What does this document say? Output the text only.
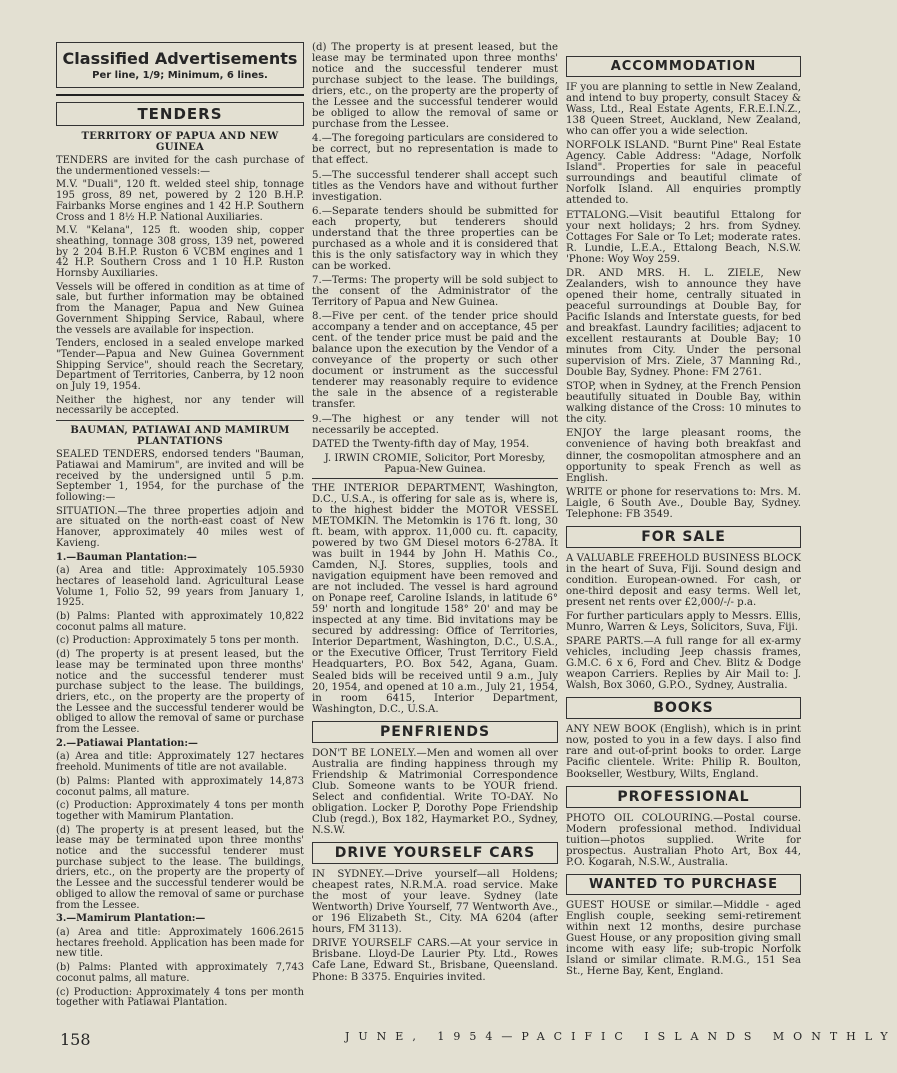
Classified Advertisements
Per line, 1/9; Minimum, 6 lines.
TENDERS
TERRITORY OF PAPUA AND NEW GUINEA

TENDERS are invited for the cash purchase of the undermentioned vessels:—

M.V. "Duali", 120 ft. welded steel ship, tonnage 195 gross, 89 net, powered by 2 120 B.H.P. Fairbanks Morse engines and 1 42 H.P. Southern Cross and 1 8½ H.P. National Auxiliaries.

M.V. "Kelana", 125 ft. wooden ship, copper sheathing, tonnage 308 gross, 139 net, powered by 2 204 B.H.P. Ruston 6 VCBM engines and 1 42 H.P. Southern Cross and 1 10 H.P. Ruston Hornsby Auxiliaries.

Vessels will be offered in condition as at time of sale, but further information may be obtained from the Manager, Papua and New Guinea Government Shipping Service, Rabaul, where the vessels are available for inspection.

Tenders, enclosed in a sealed envelope marked "Tender—Papua and New Guinea Government Shipping Service", should reach the Secretary, Department of Territories, Canberra, by 12 noon on July 19, 1954.

Neither the highest, nor any tender will necessarily be accepted.

BAUMAN, PATIAWAI AND MAMIRUM PLANTATIONS

SEALED TENDERS, endorsed tenders "Bauman, Patiawai and Mamirum", are invited and will be received by the undersigned until 5 p.m. September 1, 1954, for the purchase of the following:—

SITUATION.—The three properties adjoin and are situated on the north-east coast of New Hanover, approximately 40 miles west of Kavieng.

1.—Bauman Plantation:—

(a) Area and title: Approximately 105.5930 hectares of leasehold land. Agricultural Lease Volume 1, Folio 52, 99 years from January 1, 1925.

(b) Palms: Planted with approximately 10,822 coconut palms all mature.

(c) Production: Approximately 5 tons per month.

(d) The property is at present leased, but the lease may be terminated upon three months' notice and the successful tenderer must purchase subject to the lease. The buildings, driers, etc., on the property are the property of the Lessee and the successful tenderer would be obliged to allow the removal of same or purchase from the Lessee.

2.—Patiawai Plantation:—

(a) Area and title: Approximately 127 hectares freehold. Muniments of title are not available.

(b) Palms: Planted with approximately 14,873 coconut palms, all mature.

(c) Production: Approximately 4 tons per month together with Mamirum Plantation.

(d) The property is at present leased, but the lease may be terminated upon three months' notice and the successful tenderer must purchase subject to the lease. The buildings, driers, etc., on the property are the property of the Lessee and the successful tenderer would be obliged to allow the removal of same or purchase from the Lessee.

3.—Mamirum Plantation:—

(a) Area and title: Approximately 1606.2615 hectares freehold. Application has been made for new title.

(b) Palms: Planted with approximately 7,743 coconut palms, all mature.

(c) Production: Approximately 4 tons per month together with Patiawai Plantation.

(d) The property is at present leased, but the lease may be terminated upon three months' notice and the successful tenderer must purchase subject to the lease. The buildings, driers, etc., on the property are the property of the Lessee and the successful tenderer would be obliged to allow the removal of same or purchase from the Lessee.

4.—The foregoing particulars are considered to be correct, but no representation is made to that effect.

5.—The successful tenderer shall accept such titles as the Vendors have and without further investigation.

6.—Separate tenders should be submitted for each property, but tenderers should understand that the three properties can be purchased as a whole and it is considered that this is the only satisfactory way in which they can be worked.

7.—Terms: The property will be sold subject to the consent of the Administrator of the Territory of Papua and New Guinea.

8.—Five per cent. of the tender price should accompany a tender and on acceptance, 45 per cent. of the tender price must be paid and the balance upon the execution by the Vendor of a conveyance of the property or such other document or instrument as the successful tenderer may reasonably require to evidence the sale in the absence of a registerable transfer.

9.—The highest or any tender will not necessarily be accepted.

DATED the Twenty-fifth day of May, 1954.

J. IRWIN CROMIE, Solicitor, Port Moresby, Papua-New Guinea.

THE INTERIOR DEPARTMENT, Washington, D.C., U.S.A., is offering for sale as is, where is, to the highest bidder the MOTOR VESSEL METOMKIN. The Metomkin is 176 ft. long, 30 ft. beam, with approx. 11,000 cu. ft. capacity, powered by two GM Diesel motors 6-278A. It was built in 1944 by John H. Mathis Co., Camden, N.J. Stores, supplies, tools and navigation equipment have been removed and are not included. The vessel is hard aground on Ponape reef, Caroline Islands, in latitude 6° 59' north and longitude 158° 20' and may be inspected at any time. Bid invitations may be secured by addressing: Office of Territories, Interior Department, Washington, D.C., U.S.A., or the Executive Officer, Trust Territory Field Headquarters, P.O. Box 542, Agana, Guam. Sealed bids will be received until 9 a.m., July 20, 1954, and opened at 10 a.m., July 21, 1954, in room 6415, Interior Department, Washington, D.C., U.S.A.

PENFRIENDS

DON'T BE LONELY.—Men and women all over Australia are finding happiness through my Friendship & Matrimonial Correspondence Club. Someone wants to be YOUR friend. Select and confidential. Write TO-DAY. No obligation. Locker P, Dorothy Pope Friendship Club (regd.), Box 182, Haymarket P.O., Sydney, N.S.W.

DRIVE YOURSELF CARS

IN SYDNEY.—Drive yourself—all Holdens; cheapest rates, N.R.M.A. road service. Make the most of your leave. Sydney (late Wentworth) Drive Yourself, 77 Wentworth Ave., or 196 Elizabeth St., City. MA 6204 (after hours, FM 3113).

DRIVE YOURSELF CARS.—At your service in Brisbane. Lloyd-De Laurier Pty. Ltd., Rowes Cafe Lane, Edward St., Brisbane, Queensland. Phone: B 3375. Enquiries invited.

ACCOMMODATION

IF you are planning to settle in New Zealand, and intend to buy property, consult Stacey & Wass, Ltd., Real Estate Agents, F.R.E.I.N.Z., 138 Queen Street, Auckland, New Zealand, who can offer you a wide selection.

NORFOLK ISLAND. "Burnt Pine" Real Estate Agency. Cable Address: "Adage, Norfolk Island". Properties for sale in peaceful surroundings and beautiful climate of Norfolk Island. All enquiries promptly attended to.

ETTALONG.—Visit beautiful Ettalong for your next holidays; 2 hrs. from Sydney. Cottages For Sale or To Let; moderate rates. R. Lundie, L.E.A., Ettalong Beach, N.S.W. 'Phone: Woy Woy 259.

DR. AND MRS. H. L. ZIELE, New Zealanders, wish to announce they have opened their home, centrally situated in peaceful surroundings at Double Bay, for Pacific Islands and Interstate guests, for bed and breakfast. Laundry facilities; adjacent to excellent restaurants at Double Bay; 10 minutes from City. Under the personal supervision of Mrs. Ziele, 37 Manning Rd., Double Bay, Sydney. Phone: FM 2761.

STOP, when in Sydney, at the French Pension beautifully situated in Double Bay, within walking distance of the Cross: 10 minutes to the city.

ENJOY the large pleasant rooms, the convenience of having both breakfast and dinner, the cosmopolitan atmosphere and an opportunity to speak French as well as English.

WRITE or phone for reservations to: Mrs. M. Laigle, 6 South Ave., Double Bay, Sydney. Telephone: FB 3549.

FOR SALE

A VALUABLE FREEHOLD BUSINESS BLOCK in the heart of Suva, Fiji. Sound design and condition. European-owned. For cash, or one-third deposit and easy terms. Well let, present net rents over £2,000/-/- p.a.

For further particulars apply to Messrs. Ellis, Munro, Warren & Leys, Solicitors, Suva, Fiji.

SPARE PARTS.—A full range for all ex-army vehicles, including Jeep chassis frames, G.M.C. 6 x 6, Ford and Chev. Blitz & Dodge weapon Carriers. Replies by Air Mail to: J. Walsh, Box 3060, G.P.O., Sydney, Australia.

BOOKS

ANY NEW BOOK (English), which is in print now, posted to you in a few days. I also find rare and out-of-print books to order. Large Pacific clientele. Write: Philip R. Boulton, Bookseller, Westbury, Wilts, England.

PROFESSIONAL

PHOTO OIL COLOURING.—Postal course. Modern professional method. Individual tuition—photos supplied. Write for prospectus. Australian Photo Art, Box 44, P.O. Kogarah, N.S.W., Australia.

WANTED TO PURCHASE

GUEST HOUSE or similar.—Middle - aged English couple, seeking semi-retirement within next 12 months, desire purchase Guest House, or any proposition giving small income with easy life; sub-tropic Norfolk Island or similar climate. R.M.G., 151 Sea St., Herne Bay, Kent, England.

158	JUNE, 1954—PACIFIC ISLANDS MONTHLY
